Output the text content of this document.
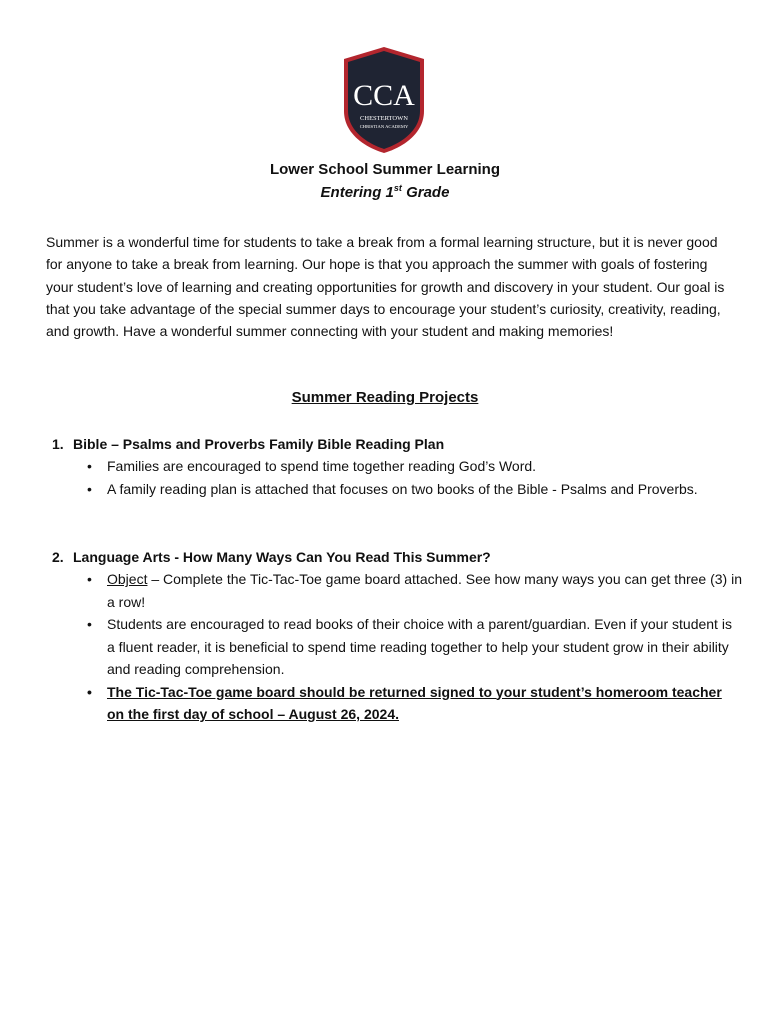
CCA
CHESTERTOWN
CHRISTIAN ACADEMY
Lower School Summer Learning
Entering 1st Grade

Summer is a wonderful time for students to take a break from a formal learning structure, but it is never good for anyone to take a break from learning. Our hope is that you approach the summer with goals of fostering your student’s love of learning and creating opportunities for growth and discovery in your student. Our goal is that you take advantage of the special summer days to encourage your student’s curiosity, creativity, reading, and growth. Have a wonderful summer connecting with your student and making memories!

Summer Reading Projects
1. Bible – Psalms and Proverbs Family Bible Reading Plan
• Families are encouraged to spend time together reading God’s Word.
• A family reading plan is attached that focuses on two books of the Bible - Psalms and Proverbs.
2. Language Arts - How Many Ways Can You Read This Summer?
• Object – Complete the Tic-Tac-Toe game board attached. See how many ways you can get three (3) in a row!
• Students are encouraged to read books of their choice with a parent/guardian. Even if your student is a fluent reader, it is beneficial to spend time reading together to help your student grow in their ability and reading comprehension.
• The Tic-Tac-Toe game board should be returned signed to your student’s homeroom teacher on the first day of school – August 26, 2024.
